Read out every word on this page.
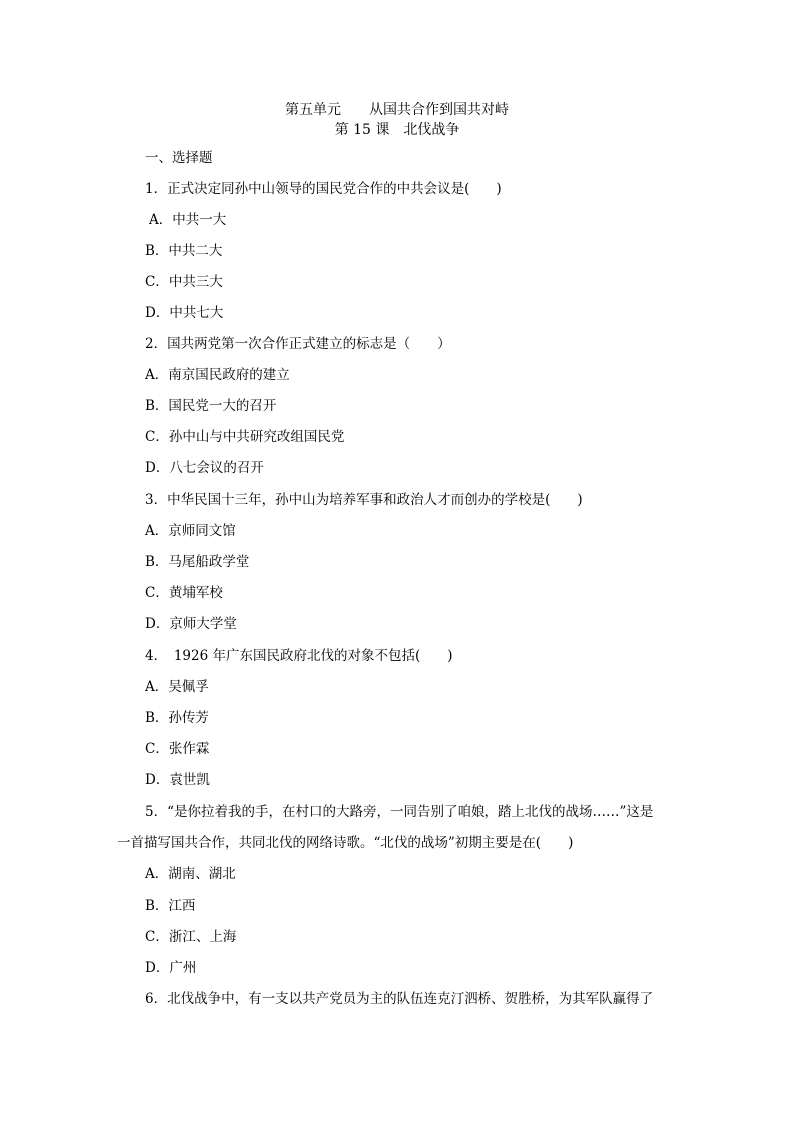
第五单元　　从国共合作到国共对峙
第 15 课　北伐战争
一、选择题
1．正式决定同孙中山领导的国民党合作的中共会议是(　　)
A．中共一大
B．中共二大
C．中共三大
D．中共七大
2．国共两党第一次合作正式建立的标志是（　　）
A．南京国民政府的建立
B．国民党一大的召开
C．孙中山与中共研究改组国民党
D．八七会议的召开
3．中华民国十三年，孙中山为培养军事和政治人才而创办的学校是(　　)
A．京师同文馆
B．马尾船政学堂
C．黄埔军校
D．京师大学堂
4．　1926 年广东国民政府北伐的对象不包括(　　)
A．吴佩孚
B．孙传芳
C．张作霖
D．袁世凯
5．“是你拉着我的手，在村口的大路旁，一同告别了咱娘，踏上北伐的战场……”这是
一首描写国共合作，共同北伐的网络诗歌。“北伐的战场”初期主要是在(　　)
A．湖南、湖北
B．江西
C．浙江、上海
D．广州
6．北伐战争中，有一支以共产党员为主的队伍连克汀泗桥、贺胜桥，为其军队赢得了
